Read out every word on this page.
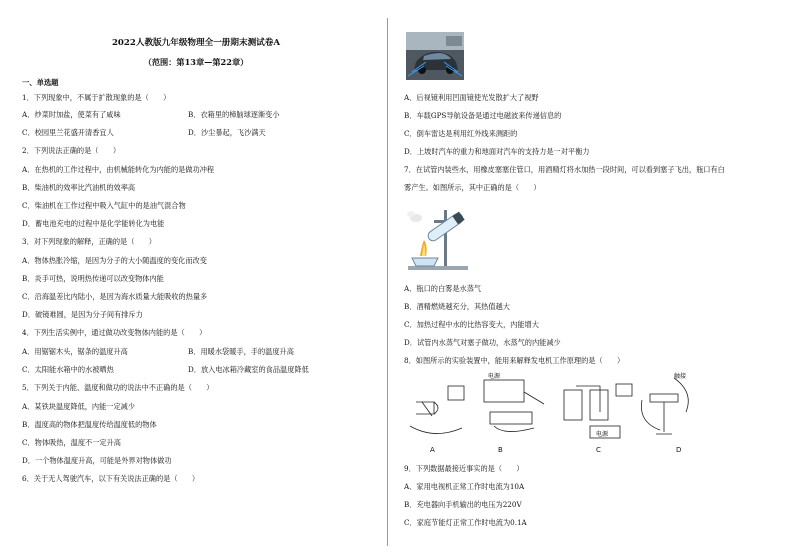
2022人教版九年级物理全一册期末测试卷A
（范围：第13章—第22章）
一、单选题
1．下列现象中，不属于扩散现象的是（　　）
A．炒菜时加盐，使菜有了咸味	B．衣箱里的樟脑球逐渐变小
C．校园里兰花盛开清香宜人	D．沙尘暴起，飞沙满天
2．下列说法正确的是（　　）
A．在热机的工作过程中，由机械能转化为内能的是做功冲程
B．柴油机的效率比汽油机的效率高
C．柴油机在工作过程中吸入气缸中的是油气混合物
D．蓄电池充电的过程中是化学能转化为电能
3．对下列现象的解释，正确的是（　　）
A．物体热胀冷缩，是因为分子的大小随温度的变化而改变
B．炎手可热，说明热传递可以改变物体内能
C．沿海温差比内陆小，是因为海水质量大能吸收的热量多
D．破镜难圆，是因为分子间有排斥力
4．下列生活实例中，通过做功改变物体内能的是（　　）
A．用锯锯木头，锯条的温度升高	B．用暖水袋暖手，手的温度升高
C．太阳能水箱中的水被晒热	D．放入电冰箱冷藏室的食品温度降低
5．下列关于内能、温度和做功的说法中不正确的是（　　）
A．某铁块温度降低，内能一定减少
B．温度高的物体把温度传给温度低的物体
C．物体吸热，温度不一定升高
D．一个物体温度升高，可能是外界对物体做功
6．关于无人驾驶汽车，以下有关说法正确的是（　　）
A．后视镜利用凹面镜使光发散扩大了视野
B．车载GPS导航设备是通过电磁波来传递信息的
C．倒车雷达是利用红外线来测距的
D．上坡时汽车的重力和地面对汽车的支持力是一对平衡力
7．在试管内装些水，用橡皮塞塞住管口，用酒精灯将水加热一段时间，可以看到塞子飞出，瓶口有白
雾产生。如图所示，其中正确的是（　　）
A．瓶口的白雾是水蒸气
B．酒精燃烧越充分，其热值越大
C．加热过程中水的比热容变大，内能增大
D．试管内水蒸气对塞子做功，水蒸气的内能减少
8．如图所示的实验装置中，能用来解释发电机工作原理的是（　　）
电源
电源
触接
A	B	C	D
9．下列数据最接近事实的是（　　）
A．家用电视机正常工作时电流为10A
B．充电器向手机输出的电压为220V
C．家庭节能灯正常工作时电流为0.1A
